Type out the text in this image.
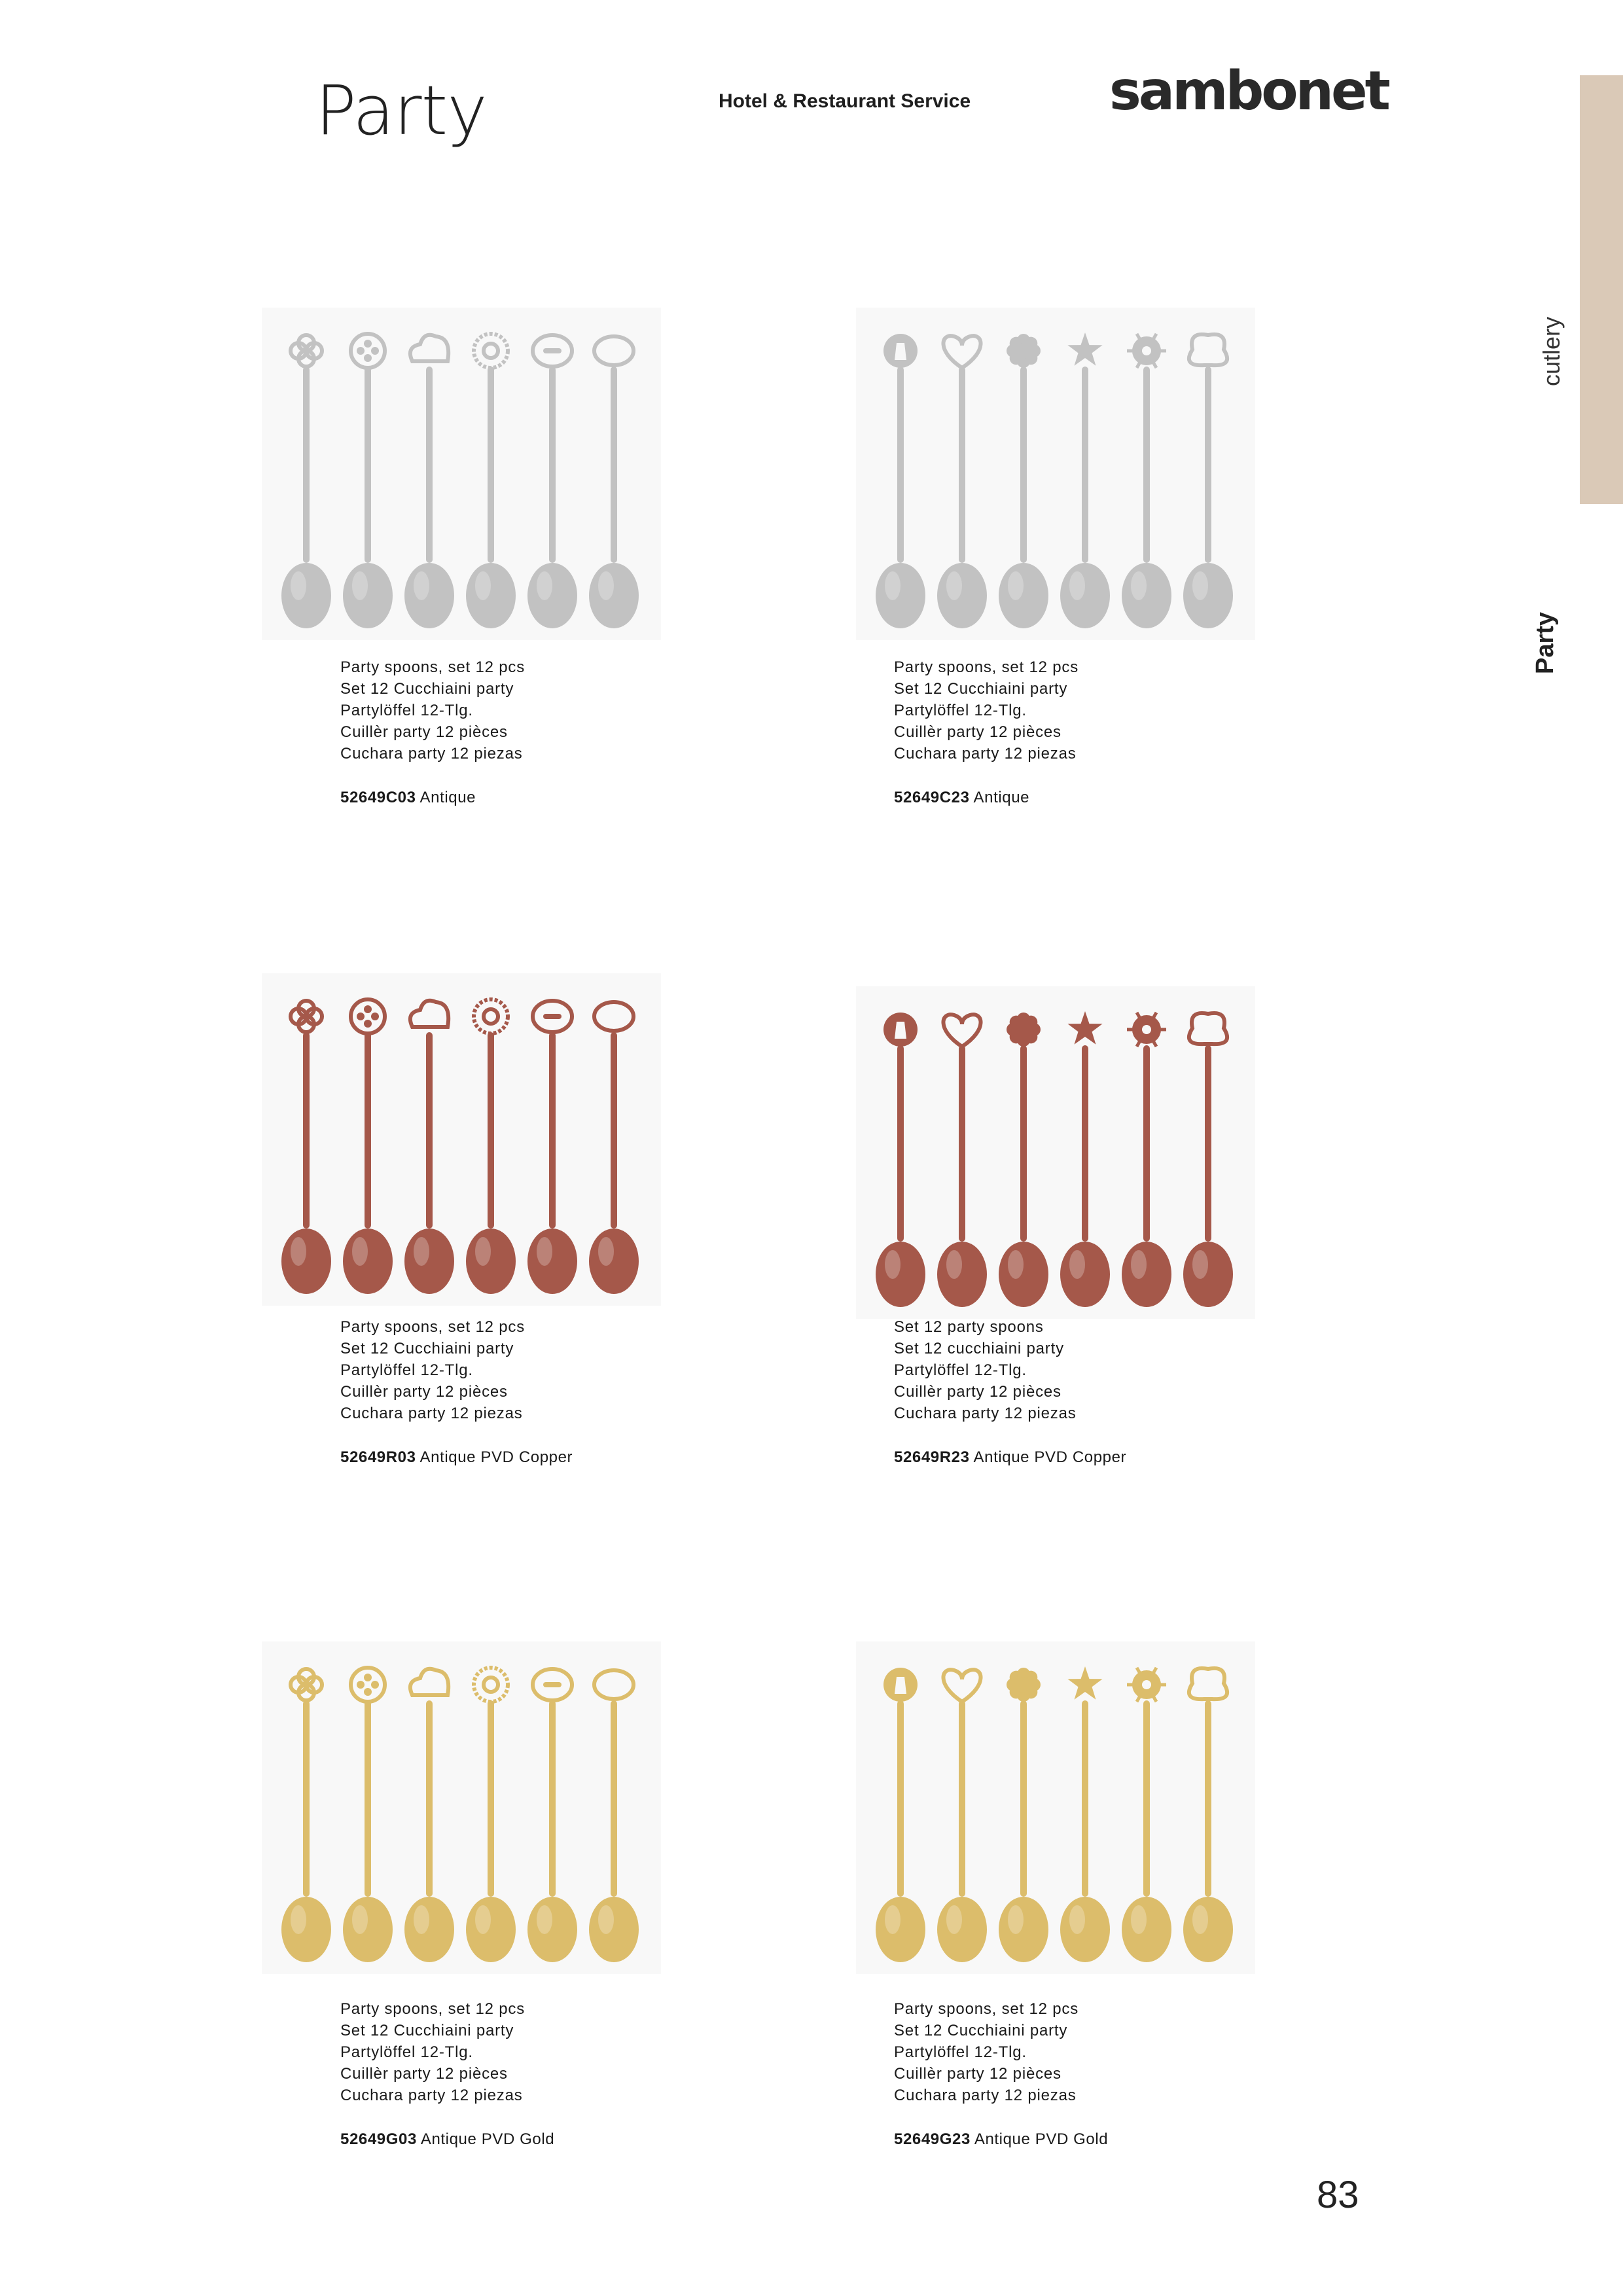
Party	Hotel & Restaurant Service	sambonet
cutlery
Party
Party spoons, set 12 pcs
Set 12 Cucchiaini party
Partylöffel 12-Tlg.
Cuillèr party 12 pièces
Cuchara party 12 piezas
52649C03 Antique
Party spoons, set 12 pcs
Set 12 Cucchiaini party
Partylöffel 12-Tlg.
Cuillèr party 12 pièces
Cuchara party 12 piezas
52649C23 Antique
Party spoons, set 12 pcs
Set 12 Cucchiaini party
Partylöffel 12-Tlg.
Cuillèr party 12 pièces
Cuchara party 12 piezas
52649R03 Antique PVD Copper
Set 12 party spoons
Set 12 cucchiaini party
Partylöffel 12-Tlg.
Cuillèr party 12 pièces
Cuchara party 12 piezas
52649R23 Antique PVD Copper
Party spoons, set 12 pcs
Set 12 Cucchiaini party
Partylöffel 12-Tlg.
Cuillèr party 12 pièces
Cuchara party 12 piezas
52649G03 Antique PVD Gold
Party spoons, set 12 pcs
Set 12 Cucchiaini party
Partylöffel 12-Tlg.
Cuillèr party 12 pièces
Cuchara party 12 piezas
52649G23 Antique PVD Gold
83
